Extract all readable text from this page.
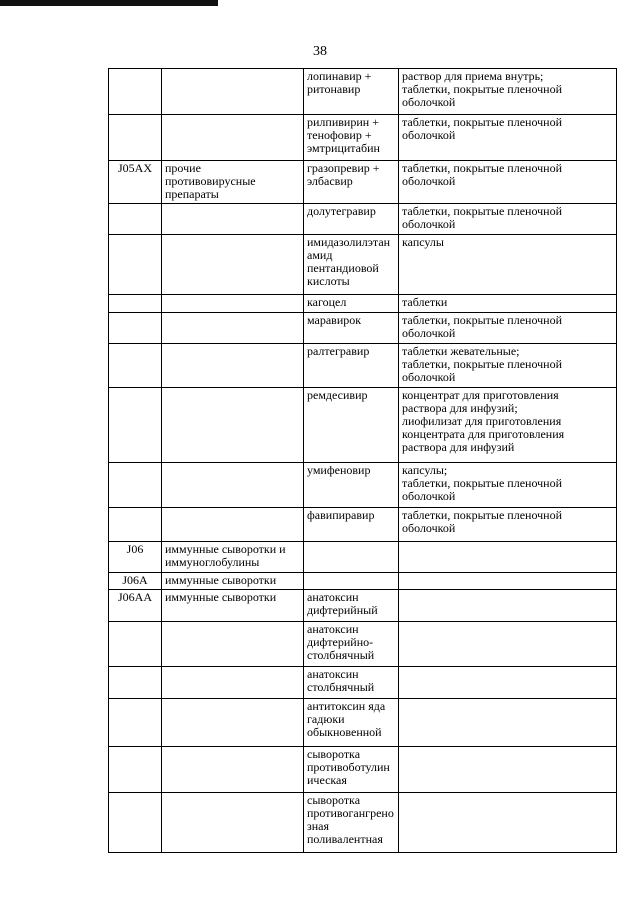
38
		лопинавир +
ритонавир	раствор для приема внутрь;
таблетки, покрытые пленочной
оболочкой
		рилпивирин +
тенофовир +
эмтрицитабин	таблетки, покрытые пленочной
оболочкой
J05AX	прочие
противовирусные
препараты	гразопревир +
элбасвир	таблетки, покрытые пленочной
оболочкой
		долутегравир	таблетки, покрытые пленочной
оболочкой
		имидазолилэтан
амид
пентандиовой
кислоты	капсулы
		кагоцел	таблетки
		маравирок	таблетки, покрытые пленочной
оболочкой
		ралтегравир	таблетки жевательные;
таблетки, покрытые пленочной
оболочкой
		ремдесивир	концентрат для приготовления
раствора для инфузий;
лиофилизат для приготовления
концентрата для приготовления
раствора для инфузий
		умифеновир	капсулы;
таблетки, покрытые пленочной
оболочкой
		фавипиравир	таблетки, покрытые пленочной
оболочкой
J06	иммунные сыворотки и
иммуноглобулины		
J06A	иммунные сыворотки		
J06AA	иммунные сыворотки	анатоксин
дифтерийный	
		анатоксин
дифтерийно-
столбнячный	
		анатоксин
столбнячный	
		антитоксин яда
гадюки
обыкновенной	
		сыворотка
противоботулин
ическая	
		сыворотка
противогангрено
зная
поливалентная	
